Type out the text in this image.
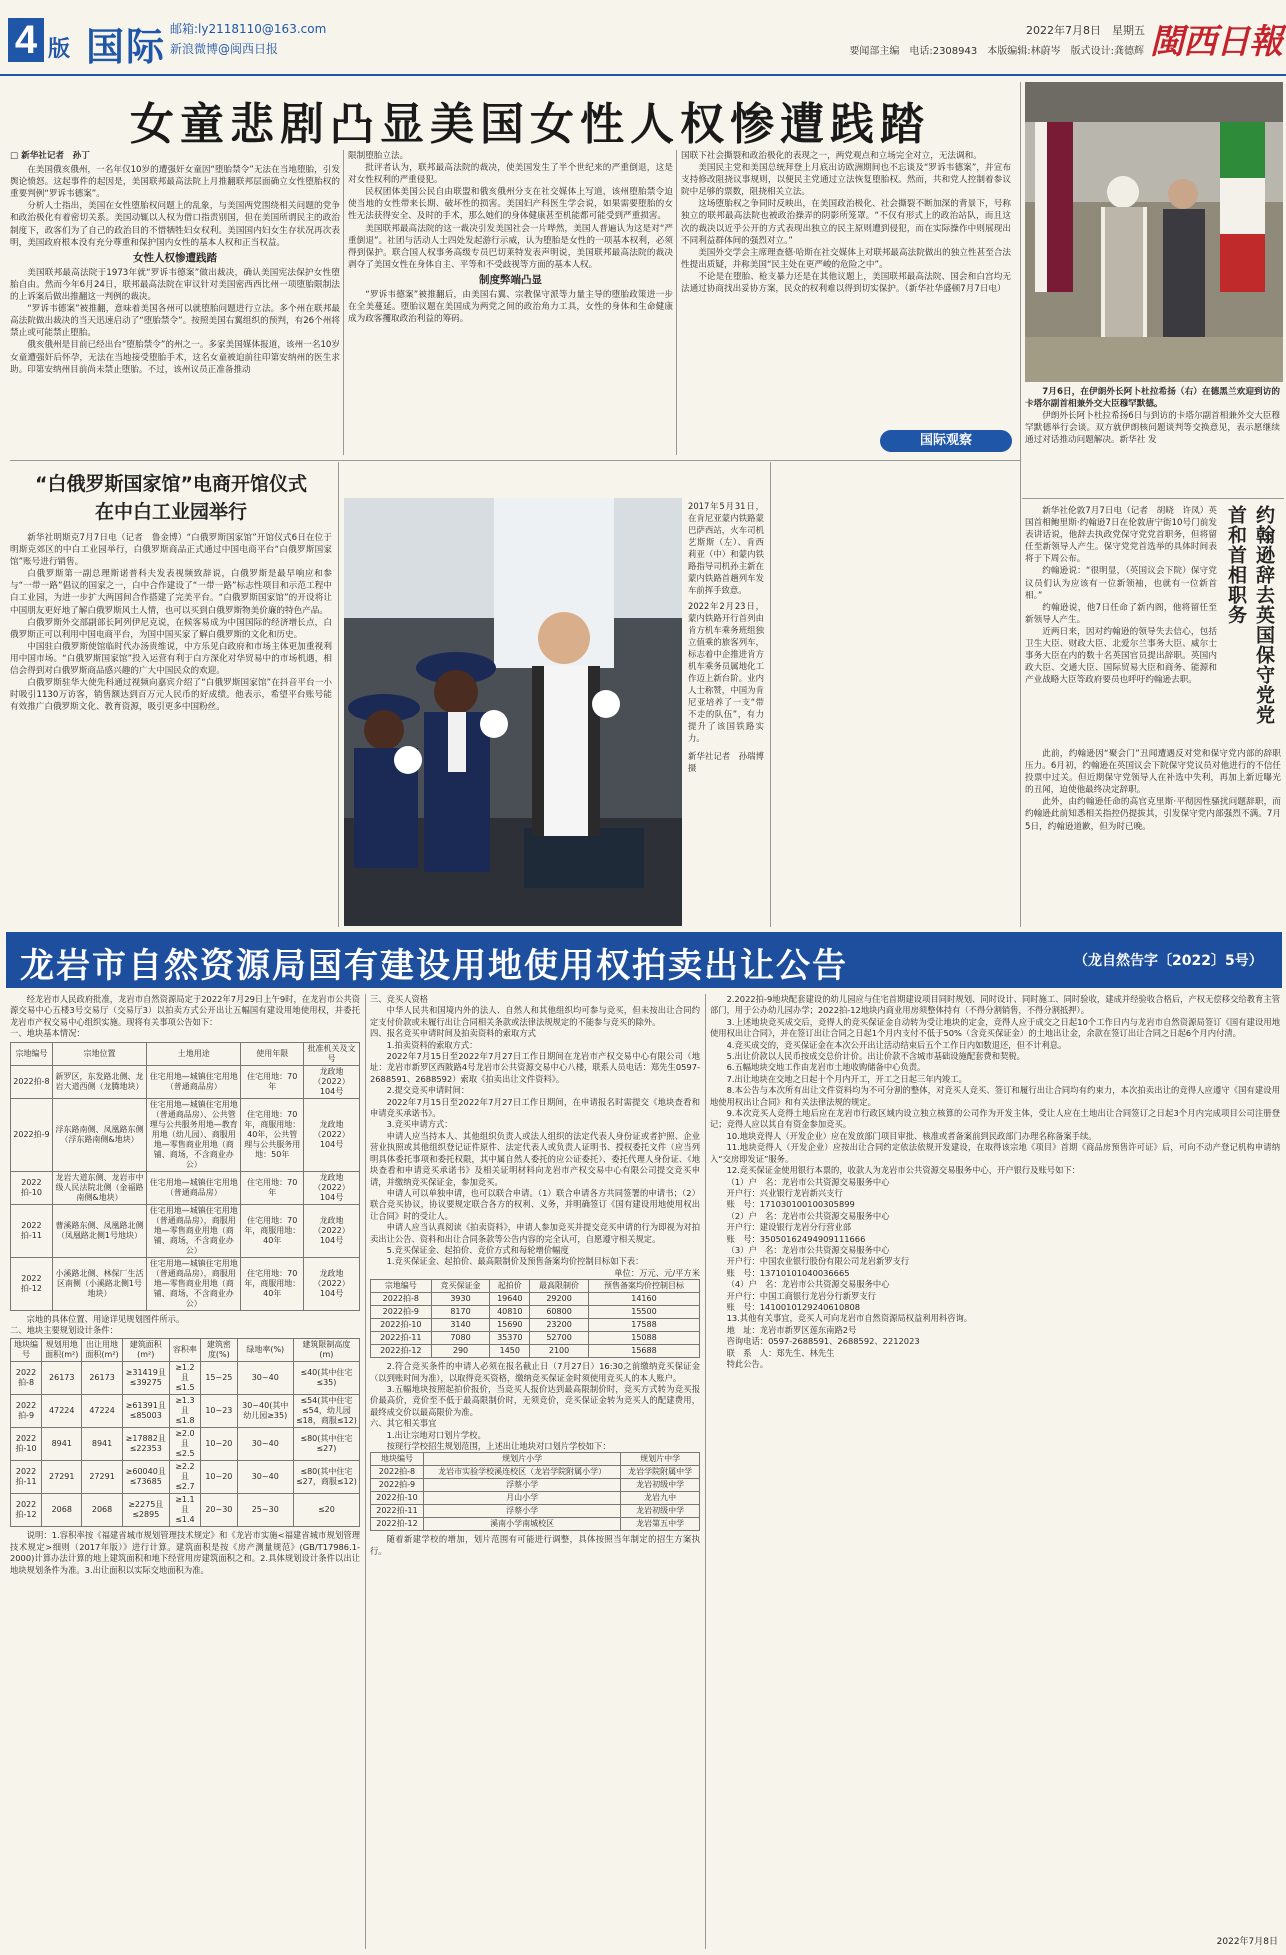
4 版 国际 邮箱:ly2118110@163.com
新浪微博@闽西日报
2022年7月8日　星期五
要闻部主编　电话:2308943　本版编辑:林蔚岑　版式设计:龚德辉 閩西日報
女童悲剧凸显美国女性人权惨遭践踏
□ 新华社记者　孙丁

在美国俄亥俄州，一名年仅10岁的遭强奸女童因“堕胎禁令”无法在当地堕胎，引发舆论愤怒。这起事件的起因是，美国联邦最高法院上月推翻联邦层面确立女性堕胎权的重要判例“罗诉韦德案”。

分析人士指出，美国在女性堕胎权问题上的乱象，与美国两党围绕相关问题的党争和政治极化有着密切关系。美国动辄以人权为借口指责别国，但在美国所谓民主的政治制度下，政客们为了自己的政治目的不惜牺牲妇女权利。美国国内妇女生存状况再次表明，美国政府根本没有充分尊重和保护国内女性的基本人权和正当权益。

女性人权惨遭践踏

美国联邦最高法院于1973年就“罗诉韦德案”做出裁决，确认美国宪法保护女性堕胎自由。然而今年6月24日，联邦最高法院在审议针对美国密西西比州一项堕胎限制法的上诉案后做出推翻这一判例的裁决。

“罗诉韦德案”被推翻，意味着美国各州可以就堕胎问题进行立法。多个州在联邦最高法院做出裁决的当天迅速启动了“堕胎禁令”。按照美国右翼组织的预判，有26个州将禁止或可能禁止堕胎。

俄亥俄州是目前已经出台“堕胎禁令”的州之一。多家美国媒体报道，该州一名10岁女童遭强奸后怀孕，无法在当地接受堕胎手术，这名女童被迫前往印第安纳州的医生求助。印第安纳州目前尚未禁止堕胎。不过，该州议员正准备推动

限制堕胎立法。

批评者认为，联邦最高法院的裁决，使美国发生了半个世纪来的严重倒退，这是对女性权利的严重侵犯。

民权团体美国公民自由联盟和俄亥俄州分支在社交媒体上写道，该州堕胎禁令迫使当地的女性带来长期、破坏性的损害。美国妇产科医生学会说，如果需要堕胎的女性无法获得安全、及时的手术，那么她们的身体健康甚至机能都可能受到严重损害。

美国联邦最高法院的这一裁决引发美国社会一片哗然，美国人普遍认为这是对“严重倒退”。社团与活动人士四处发起游行示威，认为堕胎是女性的一项基本权利，必须得到保护。联合国人权事务高级专员巴切莱特发表声明说，美国联邦最高法院的裁决剥夺了美国女性在身体自主、平等和不受歧视等方面的基本人权。

制度弊端凸显

“罗诉韦德案”被推翻后，由美国右翼、宗教保守派等力量主导的堕胎政策进一步在全美蔓延。堕胎议题在美国成为两党之间的政治角力工具，女性的身体和生命健康成为政客攫取政治利益的筹码。

国联下社会撕裂和政治极化的表现之一，两党观点和立场完全对立，无法调和。

美国民主党和美国总统拜登上月底出访欧洲期间也不忘谈及“罗诉韦德案”，并宣布支持修改阻挠议事规则，以便民主党通过立法恢复堕胎权。然而，共和党人控制着参议院中足够的票数，阻挠相关立法。

这场堕胎权之争同时反映出，在美国政治极化、社会撕裂不断加深的背景下，号称独立的联邦最高法院也被政治操弄的阴影所笼罩。“不仅有形式上的政治站队，而且这次的裁决以近乎公开的方式表现出独立的民主原则遭到侵犯，而在实际操作中则展现出不同利益群体间的强烈对立。”

美国外交学会主席理查德·哈斯在社交媒体上对联邦最高法院做出的独立性甚至合法性提出质疑，并称美国“民主处在更严峻的危险之中”。

不论是在堕胎、枪支暴力还是在其他议题上，美国联邦最高法院、国会和白宫均无法通过协商找出妥协方案，民众的权利难以得到切实保护。（新华社华盛顿7月7日电）

国际观察

7月6日，在伊朗外长阿卜杜拉希扬（右）在德黑兰欢迎到访的卡塔尔副首相兼外交大臣穆罕默德。

伊朗外长阿卜杜拉希扬6日与到访的卡塔尔副首相兼外交大臣穆罕默德举行会谈。双方就伊朗核问题谈判等交换意见，表示愿继续通过对话推动问题解决。新华社 发

“白俄罗斯国家馆”电商开馆仪式
在中白工业园举行

新华社明斯克7月7日电（记者　鲁金博）“白俄罗斯国家馆”开馆仪式6日在位于明斯克郊区的中白工业园举行，白俄罗斯商品正式通过中国电商平台“白俄罗斯国家馆”账号进行销售。

白俄罗斯第一副总理斯诺普科夫发表视频致辞说，白俄罗斯是最早响应和参与“一带一路”倡议的国家之一，白中合作建设了“一带一路”标志性项目和示范工程中白工业园，为进一步扩大两国间合作搭建了完美平台。“白俄罗斯国家馆”的开设将让中国朋友更好地了解白俄罗斯风土人情，也可以买到白俄罗斯物美价廉的特色产品。

白俄罗斯外交部副部长阿列伊尼克说，在候客易成为中国国际的经济增长点，白俄罗斯正可以利用中国电商平台，为国中国买家了解白俄罗斯的文化和历史。

中国驻白俄罗斯使馆临时代办汤贵维说，中方乐见白政府和市场主体更加重视利用中国市场。“白俄罗斯国家馆”投入运营有利于白方深化对华贸易中的市场机遇，相信会得到对白俄罗斯商品感兴趣的广大中国民众的欢迎。

白俄罗斯驻华大使先科通过视频向嘉宾介绍了“白俄罗斯国家馆”在抖音平台一小时吸引1130万访客，销售额达到百万元人民币的好成绩。他表示，希望平台账号能有效推广白俄罗斯文化、教育资源，吸引更多中国粉丝。

2017年5月31日，在肯尼亚蒙内铁路蒙巴萨西站，火车司机艺斯斯（左）、肯西莉亚（中）和蒙内铁路指导司机孙主新在蒙内铁路首趟列车发车前挥手致意。

2022年2月23日，蒙内铁路开行首列由肯方机车乘务班组独立值乘的旅客列车，标志着中企推进肯方机车乘务员属地化工作迈上新台阶。业内人士称赞，中国为肯尼亚培养了一支“带不走的队伍”，有力提升了该国铁路实力。

新华社记者　孙瑞博 摄

约翰逊辞去英国保守党党首和首相职务

新华社伦敦7月7日电（记者　胡晓　许凤）英国首相鲍里斯·约翰逊7日在伦敦唐宁街10号门前发表讲话说，他辞去执政党保守党党首职务，但将留任至新领导人产生。保守党党首选举的具体时间表将于下周公布。

约翰逊说：“很明显，（英国议会下院）保守党议员们认为应该有一位新领袖，也就有一位新首相。”

约翰逊说，他7日任命了新内阁，他将留任至新领导人产生。

近两日来，因对约翰逊的领导失去信心，包括卫生大臣、财政大臣、北爱尔兰事务大臣、威尔士事务大臣在内的数十名英国官员提出辞职。英国内政大臣、交通大臣、国际贸易大臣和商务、能源和产业战略大臣等政府要员也呼吁约翰逊去职。

此前，约翰逊因“聚会门”丑闻遭遇反对党和保守党内部的辞职压力。6月初，约翰逊在英国议会下院保守党议员对他进行的不信任投票中过关。但近期保守党领导人在补选中失利，再加上新近曝光的丑闻，迫使他最终决定辞职。

此外，由约翰逊任命的高官克里斯·平彻因性骚扰问题辞职，而约翰逊此前知悉相关指控仍提拔其，引发保守党内部强烈不满。7月5日，约翰逊道歉，但为时已晚。

龙岩市自然资源局国有建设用地使用权拍卖出让公告	（龙自然告字〔2022〕5号）

经龙岩市人民政府批准，龙岩市自然资源局定于2022年7月29日上午9时，在龙岩市公共资源交易中心五楼3号交易厅（交易厅3）以拍卖方式公开出让五幅国有建设用地使用权，并委托龙岩市产权交易中心组织实施。现将有关事项公告如下：

一、地块基本情况：
宗地编号	宗地位置	土地用途	使用年限	批准机关及文号
2022拍-8	新罗区，东发路北侧、龙岩大道西侧（龙腾地块）	住宅用地—城镇住宅用地（普通商品房）	住宅用地：70年	龙政地（2022）104号
2022拍-9	浮东路南侧、凤凰路东侧（浮东路南侧&地块）	住宅用地—城镇住宅用地（普通商品房）、公共管理与公共服务用地—教育用地（幼儿园）、商服用地—零售商业用地（商铺、商场，不含商业办公）	住宅用地：70年，商服用地：40年，公共管理与公共服务用地：50年	龙政地（2022）104号
2022拍-10	龙岩大道东侧、龙岩市中级人民法院北侧（金福路南侧&地块）	住宅用地—城镇住宅用地（普通商品房）	住宅用地：70年	龙政地（2022）104号
2022拍-11	曹溪路东侧、凤凰路北侧（凤凰路北侧1号地块）	住宅用地—城镇住宅用地（普通商品房），商服用地—零售商业用地（商铺、商场，不含商业办公）	住宅用地：70年，商服用地：40年	龙政地（2022）104号
2022拍-12	小溪路北侧、林保厂生活区南侧（小溪路北侧1号地块）	住宅用地—城镇住宅用地（普通商品房），商服用地—零售商业用地（商铺、商场，不含商业办公）	住宅用地：70年，商服用地：40年	龙政地（2022）104号
宗地的具体位置、用途详见规划图件所示。
二、地块主要规划设计条件：
地块编号	规划用地面积(m²)	出让用地面积(m²)	建筑面积(m²)	容积率	建筑密度(%)	绿地率(%)	建筑限制高度(m)
2022拍-8	26173	26173	≥31419且≤39275	≥1.2且≤1.5	15~25	30~40	≤40(其中住宅≤35)
2022拍-9	47224	47224	≥61391且≤85003	≥1.3且≤1.8	10~23	30~40(其中幼儿园≥35)	≤54(其中住宅≤54，幼儿园≤18，商服≤12)
2022拍-10	8941	8941	≥17882且≤22353	≥2.0且≤2.5	10~20	30~40	≤80(其中住宅≤27)
2022拍-11	27291	27291	≥60040且≤73685	≥2.2且≤2.7	10~20	30~40	≤80(其中住宅≤27，商服≤12)
2022拍-12	2068	2068	≥2275且≤2895	≥1.1且≤1.4	20~30	25~30	≤20

说明：1.容积率按《福建省城市规划管理技术规定》和《龙岩市实施<福建省城市规划管理技术规定>细则（2017年版）》进行计算。建筑面积是按《房产测量规范》(GB/T17986.1-2000)计算办法计算的地上建筑面积和地下经营用房建筑面积之和。2.具体规划设计条件以出让地块规划条件为准。3.出让面积以实际交地面积为准。

三、竞买人资格

中华人民共和国境内外的法人、自然人和其他组织均可参与竞买，但未按出让合同约定支付价款或未履行出让合同相关条款或法律法规规定的不能参与竞买的除外。

四、报名竞买申请时间及拍卖资料的索取方式

1.拍卖资料的索取方式：

2022年7月15日至2022年7月27日工作日期间在龙岩市产权交易中心有限公司（地址：龙岩市新罗区西陂路4号龙岩市公共资源交易中心八楼，联系人员电话：郑先生0597-2688591、2688592）索取《拍卖出让文件资料》。

2.提交竞买申请时间：

2022年7月15日至2022年7月27日工作日期间，在申请报名时需提交《地块查看和申请竞买承诺书》。

3.竞买申请方式：

申请人应当持本人、其他组织负责人或法人组织的法定代表人身份证或者护照、企业营业执照或其他组织登记证件原件、法定代表人或负责人证明书、授权委托文件（应当列明具体委托事项和委托权限，其中属自然人委托的应公证委托）、委托代理人身份证、《地块查看和申请竞买承诺书》及相关证明材料向龙岩市产权交易中心有限公司提交竞买申请，并缴纳竞买保证金，参加竞买。

申请人可以单独申请，也可以联合申请。（1）联合申请各方共同签署的申请书；（2）联合竞买协议，协议要规定联合各方的权利、义务，并明确签订《国有建设用地使用权出让合同》时的受让人。

申请人应当认真阅读《拍卖资料》，申请人参加竞买并提交竞买申请的行为即视为对拍卖出让公告、资料和出让合同条款等公告内容的完全认可，自愿遵守相关规定。

5.竞买保证金、起拍价、竞价方式和每轮增价幅度

1.竞买保证金、起拍价、最高限制价及预售备案均价控制目标如下表：

单位：万元、元/平方米
宗地编号	竞买保证金	起拍价	最高限制价	预售备案均价控制目标
2022拍-8	3930	19640	29200	14160
2022拍-9	8170	40810	60800	15500
2022拍-10	3140	15690	23200	17588
2022拍-11	7080	35370	52700	15088
2022拍-12	290	1450	2100	15688

2.符合竞买条件的申请人必须在报名截止日（7月27日）16:30之前缴纳竞买保证金（以到账时间为准），以取得竞买资格，缴纳竞买保证金时须使用竞买人的本人账户。

3.五幅地块按照起拍价报价，当竞买人报价达到最高限制价时，竞买方式转为竞买报价最高价，竞价至不低于最高限制价时，无须竞价，竞买保证金转为竞买人的配建费用，最终成交价以最高限价为准。

六、其它相关事宜

1.出让宗地对口划片学校。

按现行学校招生规划范围，上述出让地块对口划片学校如下：

地块编号	规划片小学	规划片中学
2022拍-8	龙岩市实验学校溪连校区（龙岩学院附属小学）	龙岩学院附属中学
2022拍-9	浮蔡小学	龙岩初级中学
2022拍-10	月山小学	龙岩九中
2022拍-11	浮蔡小学	龙岩初级中学
2022拍-12	溪南小学南城校区	龙岩第五中学

随着新建学校的增加，划片范围有可能进行调整，具体按照当年制定的招生方案执行。

2.2022拍-9地块配套建设的幼儿园应与住宅首期建设项目同时规划、同时设计、同时施工、同时验收，建成并经验收合格后，产权无偿移交给教育主管部门，用于公办幼儿园办学；2022拍-12地块内商业用房须整体持有（不得分割销售，不得分割抵押）。

3.上述地块竞买成交后，竞得人的竞买保证金自动转为受让地块的定金，竞得人应于成交之日起10个工作日内与龙岩市自然资源局签订《国有建设用地使用权出让合同》，并在签订出让合同之日起1个月内支付不低于50%（含竞买保证金）的土地出让金，余款在签订出让合同之日起6个月内付清。

4.竞买成交的，竞买保证金在本次公开出让活动结束后五个工作日内如数退还，但不计利息。

5.出让价款以人民币按成交总价计价。出让价款不含城市基础设施配套费和契税。

6.五幅地块交地工作由龙岩市土地收购储备中心负责。

7.出让地块在交地之日起十个月内开工，开工之日起三年内竣工。

8.本公告与本次所有出让文件资料均为不可分割的整体，对竞买人竞买、签订和履行出让合同均有约束力，本次拍卖出让的竞得人应遵守《国有建设用地使用权出让合同》和有关法律法规的规定。

9.本次竞买人竞得土地后应在龙岩市行政区域内设立独立核算的公司作为开发主体，受让人应在土地出让合同签订之日起3个月内完成项目公司注册登记；竞得人应以其自有资金参加竞买。

10.地块竞得人（开发企业）应在发放部门项目审批、核准或者备案前到民政部门办理名称备案手续。

11.地块竞得人（开发企业）应按出让合同约定依法依规开发建设，在取得该宗地《项目》首期《商品房预售许可证》后，可向不动产登记机构申请纳入“交房即发证”服务。

12.竞买保证金使用银行本票的，收款人为龙岩市公共资源交易服务中心，开户银行及账号如下：

（1）户　名：龙岩市公共资源交易服务中心
开户行：兴业银行龙岩新兴支行
账　号：171030100100305899
（2）户　名：龙岩市公共资源交易服务中心
开户行：建设银行龙岩分行营业部
账　号：35050162494909111666
（3）户　名：龙岩市公共资源交易服务中心
开户行：中国农业银行股份有限公司龙岩新罗支行
账　号：13710101040036665
（4）户　名：龙岩市公共资源交易服务中心
开户行：中国工商银行龙岩分行新罗支行
账　号：1410010129240610808

13.其他有关事宜，竞买人可向龙岩市自然资源局权益利用科咨询。

地　址：龙岩市新罗区莲东南路2号

咨询电话：0597-2688591、2688592、2212023

联　系　人：郑先生、林先生

特此公告。

2022年7月8日
